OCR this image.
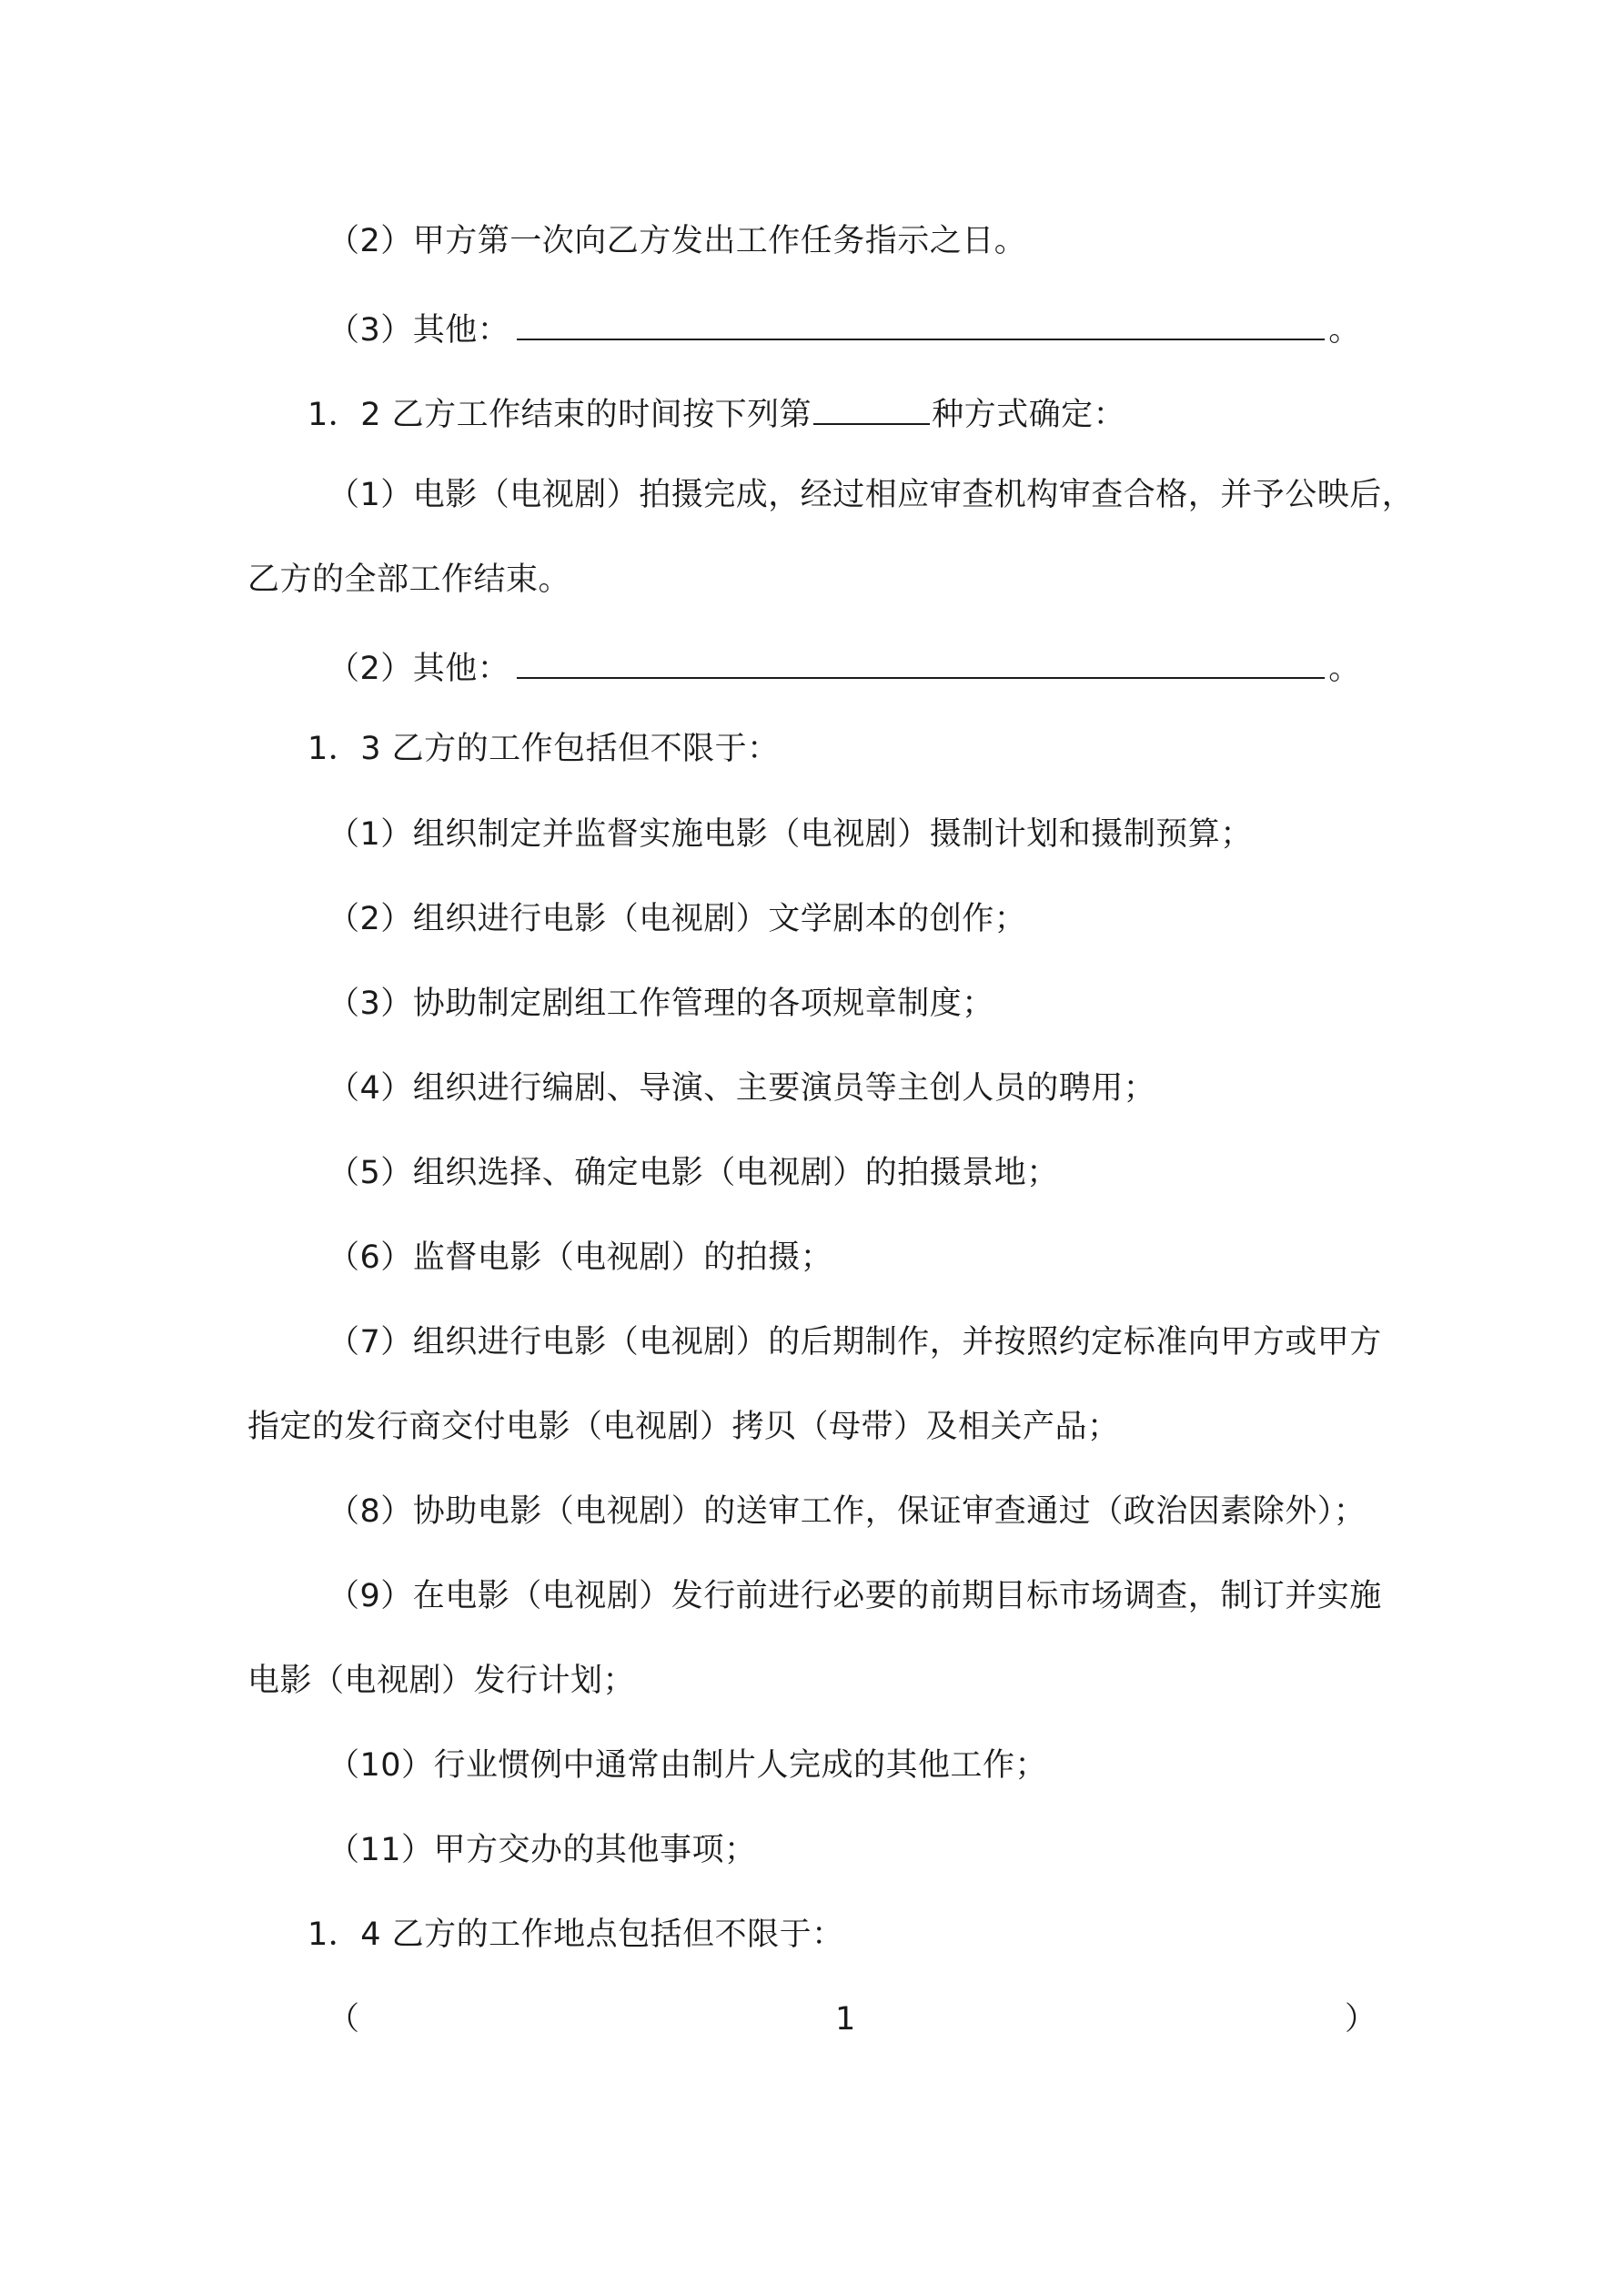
（2）甲方第一次向乙方发出工作任务指示之日。
（3）其他：	。
1．2 乙方工作结束的时间按下列第	种方式确定：
（1）电影（电视剧）拍摄完成，经过相应审查机构审查合格，并予公映后，
乙方的全部工作结束。
（2）其他：	。
1．3 乙方的工作包括但不限于：
（1）组织制定并监督实施电影（电视剧）摄制计划和摄制预算；
（2）组织进行电影（电视剧）文学剧本的创作；
（3）协助制定剧组工作管理的各项规章制度；
（4）组织进行编剧、导演、主要演员等主创人员的聘用；
（5）组织选择、确定电影（电视剧）的拍摄景地；
（6）监督电影（电视剧）的拍摄；
（7）组织进行电影（电视剧）的后期制作，并按照约定标准向甲方或甲方
指定的发行商交付电影（电视剧）拷贝（母带）及相关产品；
（8）协助电影（电视剧）的送审工作，保证审查通过（政治因素除外）；
（9）在电影（电视剧）发行前进行必要的前期目标市场调查，制订并实施
电影（电视剧）发行计划；
（10）行业惯例中通常由制片人完成的其他工作；
（11）甲方交办的其他事项；
1．4 乙方的工作地点包括但不限于：
（	1	）
